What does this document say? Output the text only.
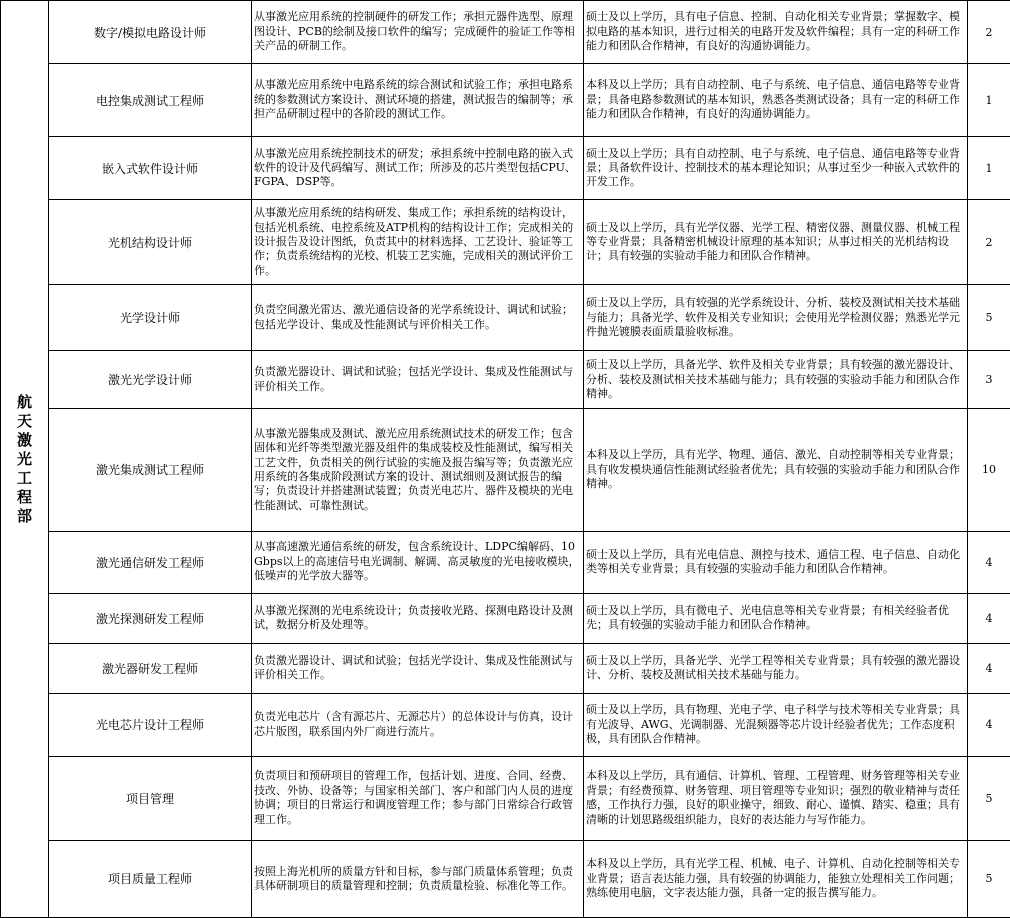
航天激光工程部	数字/模拟电路设计师	从事激光应用系统的控制硬件的研发工作；承担元器件选型、原理图设计、PCB的绘制及接口软件的编写；完成硬件的验证工作等相关产品的研制工作。	硕士及以上学历，具有电子信息、控制、自动化相关专业背景；掌握数字、模拟电路的基本知识，进行过相关的电路开发及软件编程；具有一定的科研工作能力和团队合作精神，有良好的沟通协调能力。	2
	电控集成测试工程师	从事激光应用系统中电路系统的综合测试和试验工作；承担电路系统的参数测试方案设计、测试环境的搭建，测试报告的编制等；承担产品研制过程中的各阶段的测试工作。	本科及以上学历；具有自动控制、电子与系统、电子信息、通信电路等专业背景；具备电路参数测试的基本知识，熟悉各类测试设备；具有一定的科研工作能力和团队合作精神，有良好的沟通协调能力。	1
	嵌入式软件设计师	从事激光应用系统控制技术的研发；承担系统中控制电路的嵌入式软件的设计及代码编写、测试工作；所涉及的芯片类型包括CPU、FGPA、DSP等。	硕士及以上学历；具有自动控制、电子与系统、电子信息、通信电路等专业背景；具备软件设计、控制技术的基本理论知识；从事过至少一种嵌入式软件的开发工作。	1
	光机结构设计师	从事激光应用系统的结构研发、集成工作；承担系统的结构设计，包括光机系统、电控系统及ATP机构的结构设计工作；完成相关的设计报告及设计图纸，负责其中的材料选择、工艺设计、验证等工作；负责系统结构的光校、机装工艺实施，完成相关的测试评价工作。	硕士及以上学历，具有光学仪器、光学工程、精密仪器、测量仪器、机械工程等专业背景；具备精密机械设计原理的基本知识；从事过相关的光机结构设计；具有较强的实验动手能力和团队合作精神。	2
	光学设计师	负责空间激光雷达、激光通信设备的光学系统设计、调试和试验；包括光学设计、集成及性能测试与评价相关工作。	硕士及以上学历，具有较强的光学系统设计、分析、装校及测试相关技术基础与能力；具备光学、软件及相关专业知识；会使用光学检测仪器；熟悉光学元件抛光镀膜表面质量验收标准。	5
	激光光学设计师	负责激光器设计、调试和试验；包括光学设计、集成及性能测试与评价相关工作。	硕士及以上学历，具备光学、软件及相关专业背景；具有较强的激光器设计、分析、装校及测试相关技术基础与能力；具有较强的实验动手能力和团队合作精神。	3
	激光集成测试工程师	从事激光器集成及测试、激光应用系统测试技术的研发工作；包含固体和光纤等类型激光器及组件的集成装校及性能测试，编写相关工艺文件，负责相关的例行试验的实施及报告编写等；负责激光应用系统的各集成阶段测试方案的设计、测试细则及测试报告的编写；负责设计并搭建测试装置；负责光电芯片、器件及模块的光电性能测试、可靠性测试。	本科及以上学历，具有光学、物理、通信、激光、自动控制等相关专业背景；具有收发模块通信性能测试经验者优先；具有较强的实验动手能力和团队合作精神。	10
	激光通信研发工程师	从事高速激光通信系统的研发，包含系统设计、LDPC编解码、10Gbps以上的高速信号电光调制、解调、高灵敏度的光电接收模块，低噪声的光学放大器等。	硕士及以上学历，具有光电信息、测控与技术、通信工程、电子信息、自动化类等相关专业背景；具有较强的实验动手能力和团队合作精神。	4
	激光探测研发工程师	从事激光探测的光电系统设计；负责接收光路、探测电路设计及测试，数据分析及处理等。	硕士及以上学历，具有微电子、光电信息等相关专业背景；有相关经验者优先；具有较强的实验动手能力和团队合作精神。	4
	激光器研发工程师	负责激光器设计、调试和试验；包括光学设计、集成及性能测试与评价相关工作。	硕士及以上学历，具备光学、光学工程等相关专业背景；具有较强的激光器设计、分析、装校及测试相关技术基础与能力。	4
	光电芯片设计工程师	负责光电芯片（含有源芯片、无源芯片）的总体设计与仿真，设计芯片版图，联系国内外厂商进行流片。	硕士及以上学历，具有物理、光电子学、电子科学与技术等相关专业背景；具有光波导、AWG、光调制器、光混频器等芯片设计经验者优先；工作态度积极，具有团队合作精神。	4
	项目管理	负责项目和预研项目的管理工作，包括计划、进度、合同、经费、技改、外协、设备等；与国家相关部门、客户和部门内人员的进度协调；项目的日常运行和调度管理工作；参与部门日常综合行政管理工作。	本科及以上学历，具有通信、计算机、管理、工程管理、财务管理等相关专业背景；有经费预算、财务管理、项目管理等专业知识；强烈的敬业精神与责任感，工作执行力强，良好的职业操守，细致、耐心、谨慎、踏实、稳重；具有清晰的计划思路级组织能力，良好的表达能力与写作能力。	5
	项目质量工程师	按照上海光机所的质量方针和目标，参与部门质量体系管理；负责具体研制项目的质量管理和控制；负责质量检验、标准化等工作。	本科及以上学历，具有光学工程、机械、电子、计算机、自动化控制等相关专业背景；语言表达能力强，具有较强的协调能力，能独立处理相关工作问题；熟练使用电脑，文字表达能力强，具备一定的报告撰写能力。	5
